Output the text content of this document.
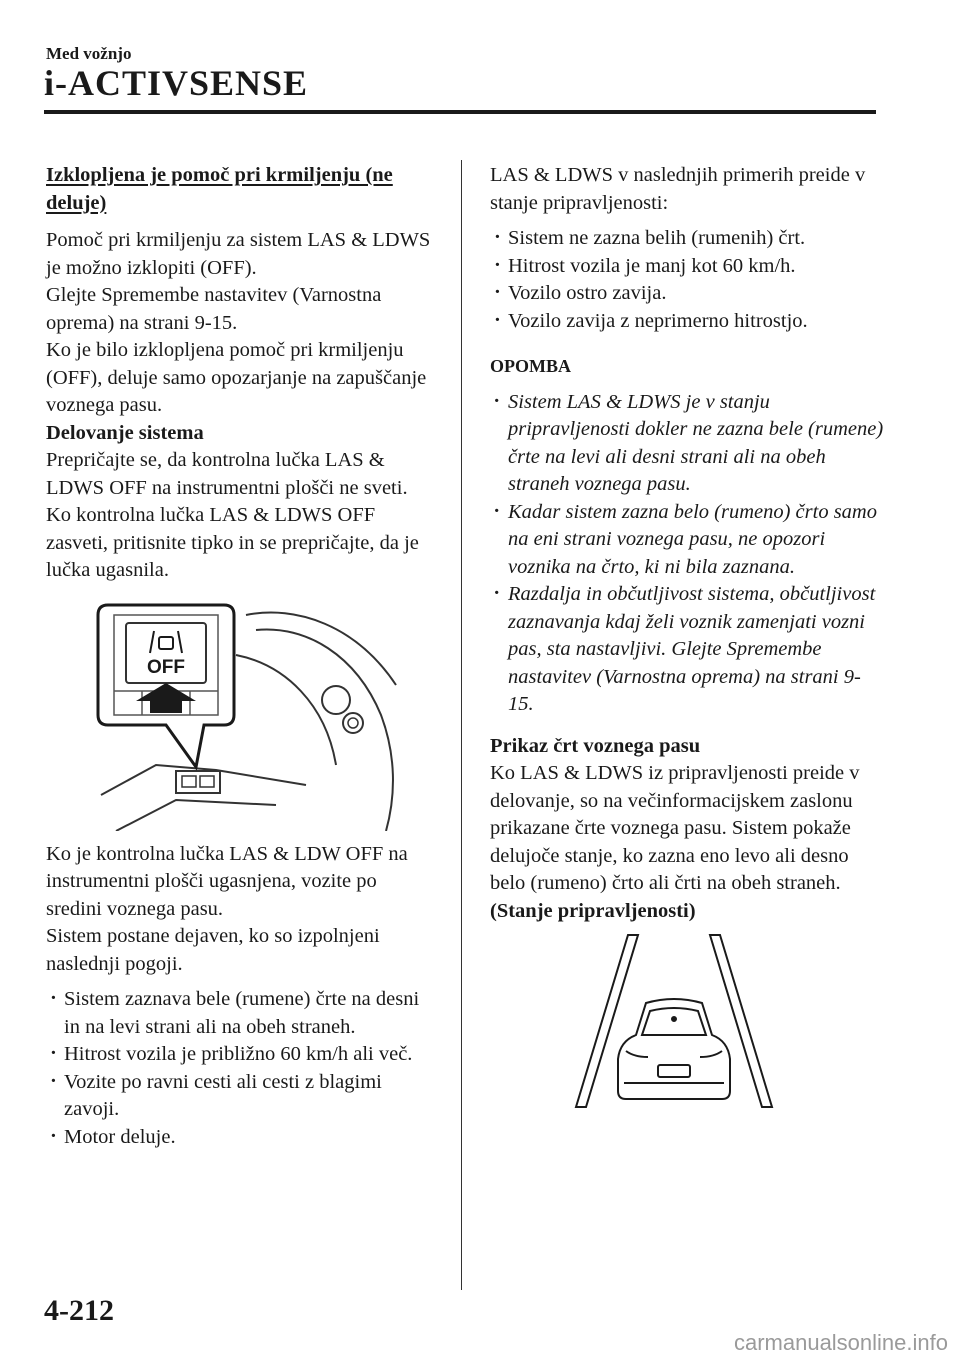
Med vožnjo
i-ACTIVSENSE

Izklopljena je pomoč pri krmiljenju (ne deluje)

Pomoč pri krmiljenju za sistem LAS & LDWS je možno izklopiti (OFF).

Glejte Spremembe nastavitev (Varnostna oprema) na strani 9-15.

Ko je bilo izklopljena pomoč pri krmiljenju (OFF), deluje samo opozarjanje na zapuščanje voznega pasu.

Delovanje sistema

Prepričajte se, da kontrolna lučka LAS & LDWS OFF na instrumentni plošči ne sveti. Ko kontrolna lučka LAS & LDWS OFF zasveti, pritisnite tipko in se prepričajte, da je lučka ugasnila.

OFF

Ko je kontrolna lučka LAS & LDW OFF na instrumentni plošči ugasnjena, vozite po sredini voznega pasu.

Sistem postane dejaven, ko so izpolnjeni naslednji pogoji.

· Sistem zaznava bele (rumene) črte na desni in na levi strani ali na obeh straneh.
· Hitrost vozila je približno 60 km/h ali več.
· Vozite po ravni cesti ali cesti z blagimi zavoji.
· Motor deluje.

LAS & LDWS v naslednjih primerih preide v stanje pripravljenosti:

· Sistem ne zazna belih (rumenih) črt.
· Hitrost vozila je manj kot 60 km/h.
· Vozilo ostro zavija.
· Vozilo zavija z neprimerno hitrostjo.

OPOMBA

· Sistem LAS & LDWS je v stanju pripravljenosti dokler ne zazna bele (rumene) črte na levi ali desni strani ali na obeh straneh voznega pasu.
· Kadar sistem zazna belo (rumeno) črto samo na eni strani voznega pasu, ne opozori voznika na črto, ki ni bila zaznana.
· Razdalja in občutljivost sistema, občutljivost zaznavanja kdaj želi voznik zamenjati vozni pas, sta nastavljivi. Glejte Spremembe nastavitev (Varnostna oprema) na strani 9-15.

Prikaz črt voznega pasu

Ko LAS & LDWS iz pripravljenosti preide v delovanje, so na večinformacijskem zaslonu prikazane črte voznega pasu. Sistem pokaže delujoče stanje, ko zazna eno levo ali desno belo (rumeno) črto ali črti na obeh straneh.

(Stanje pripravljenosti)

4-212
carmanualsonline.info
